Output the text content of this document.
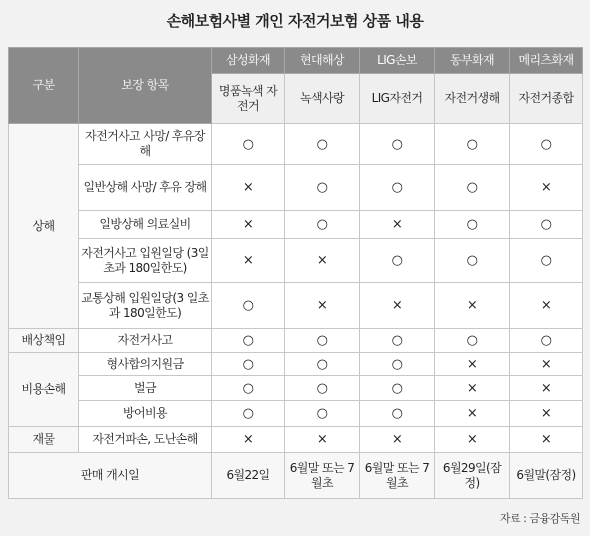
손해보험사별 개인 자전거보험 상품 내용
구분	보장 항목	삼성화재	현대해상	LIG손보	동부화재	메리츠화재
		명품녹색 자전거	녹색사랑	LIG자전거	자전거생해	자전거종합
상해	자전거사고 사망/ 후유장해	○	○	○	○	○
	일반상해 사망/ 후유 장해	×	○	○	○	×
	일방상해 의료실비	×	○	×	○	○
	자전거사고 입원일당 (3일초과 180일한도)	×	×	○	○	○
	교통상해 입원일당(3 일초과 180일한도)	○	×	×	×	×
배상책임	자전거사고	○	○	○	○	○
비용손해	형사합의지원금	○	○	○	×	×
	벌금	○	○	○	×	×
	방어비용	○	○	○	×	×
재물	자전거파손, 도난손해	×	×	×	×	×
판매 개시일		6월22일	6월말 또는 7월초	6월말 또는 7월초	6월29일(잠정)	6월말(잠정)
자료 : 금융감독원
